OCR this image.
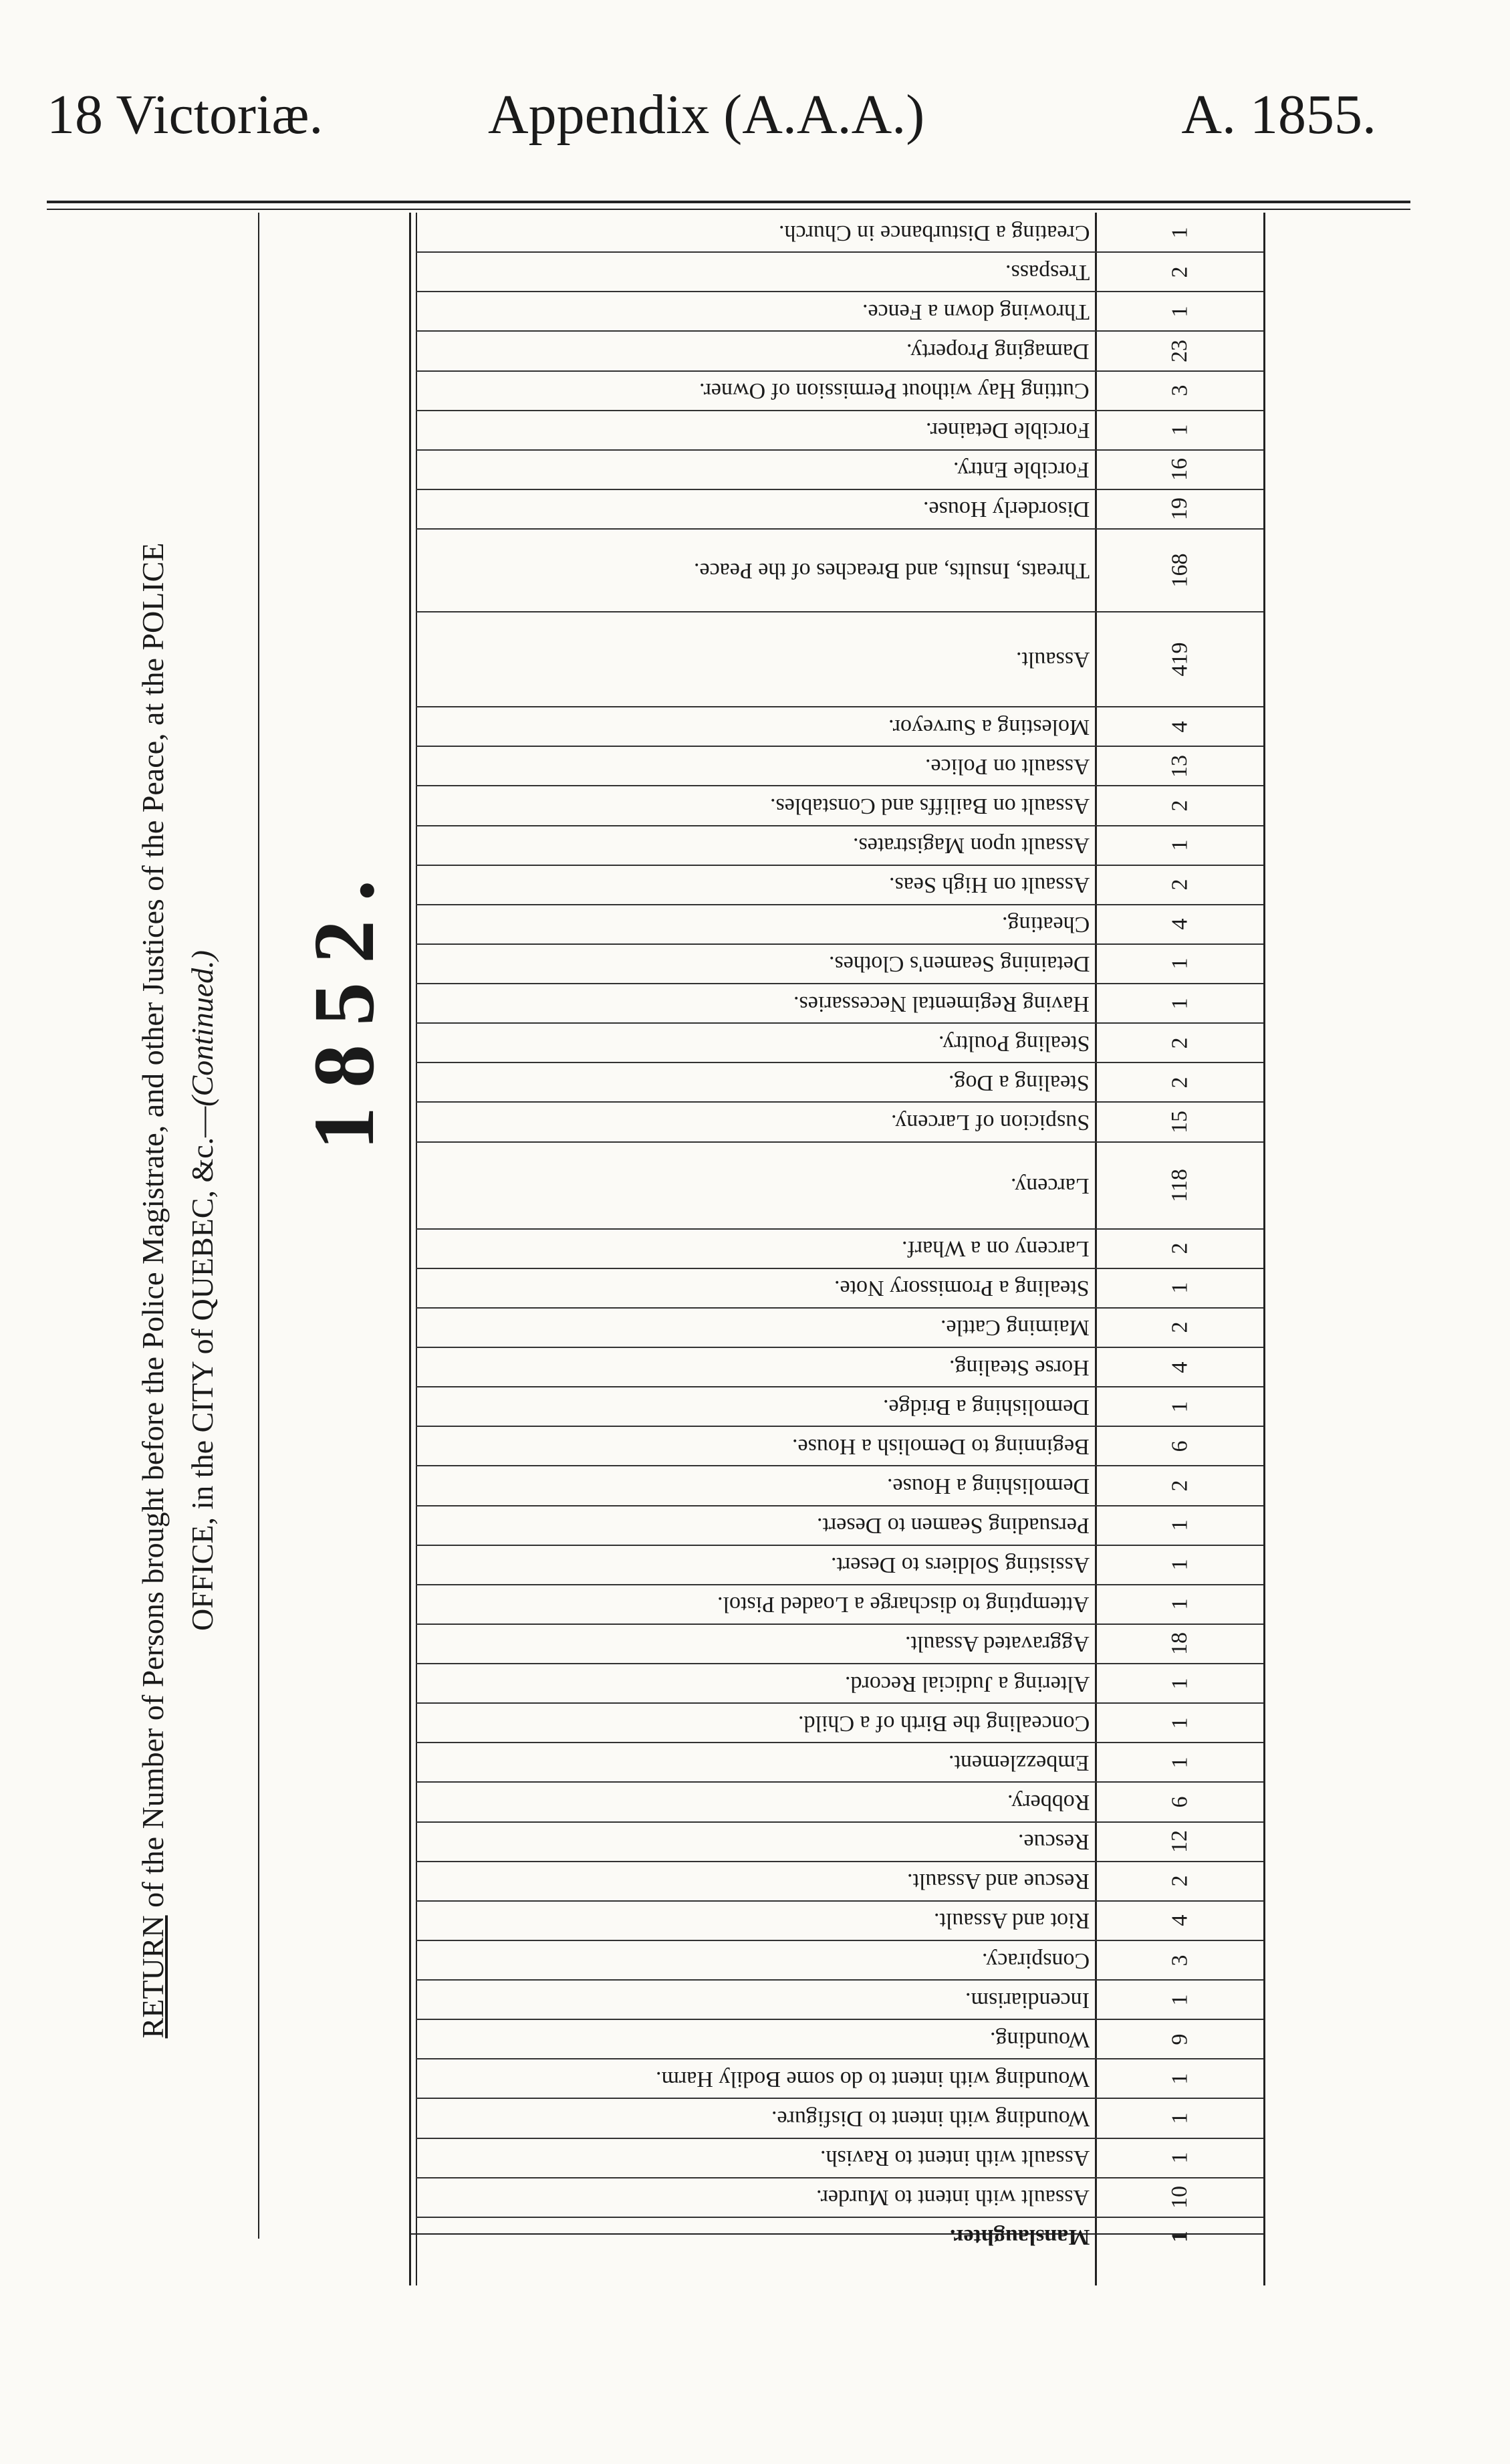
18 Victoriæ.	Appendix (A.A.A.)	A. 1855.
RETURN of the Number of Persons brought before the Police Magistrate, and other Justices of the Peace, at the POLICE OFFICE, in the CITY of QUEBEC, &c.—(Continued.) 1852.
Creating a Disturbance in Church.	1
Trespass.	2
Throwing down a Fence.	1
Damaging Property.	23
Cutting Hay without Permission of Owner.	3
Forcible Detainer.	1
Forcible Entry.	16
Disorderly House.	19
Threats, Insults, and Breaches of the Peace.	168
Assault.	419
Molesting a Surveyor.	4
Assault on Police.	13
Assault on Bailiffs and Constables.	2
Assault upon Magistrates.	1
Assault on High Seas.	2
Cheating.	4
Detaining Seamen's Clothes.	1
Having Regimental Necessaries.	1
Stealing Poultry.	2
Stealing a Dog.	2
Suspicion of Larceny.	15
Larceny.	118
Larceny on a Wharf.	2
Stealing a Promissory Note.	1
Maiming Cattle.	2
Horse Stealing.	4
Demolishing a Bridge.	1
Beginning to Demolish a House.	6
Demolishing a House.	2
Persuading Seamen to Desert.	1
Assisting Soldiers to Desert.	1
Attempting to discharge a Loaded Pistol.	1
Aggravated Assault.	18
Altering a Judicial Record.	1
Concealing the Birth of a Child.	1
Embezzlement.	1
Robbery.	6
Rescue.	12
Rescue and Assault.	2
Riot and Assault.	4
Conspiracy.	3
Incendiarism.	1
Wounding.	9
Wounding with intent to do some Bodily Harm.	1
Wounding with intent to Disfigure.	1
Assault with intent to Ravish.	1
Assault with intent to Murder.	10
Manslaughter.	1
